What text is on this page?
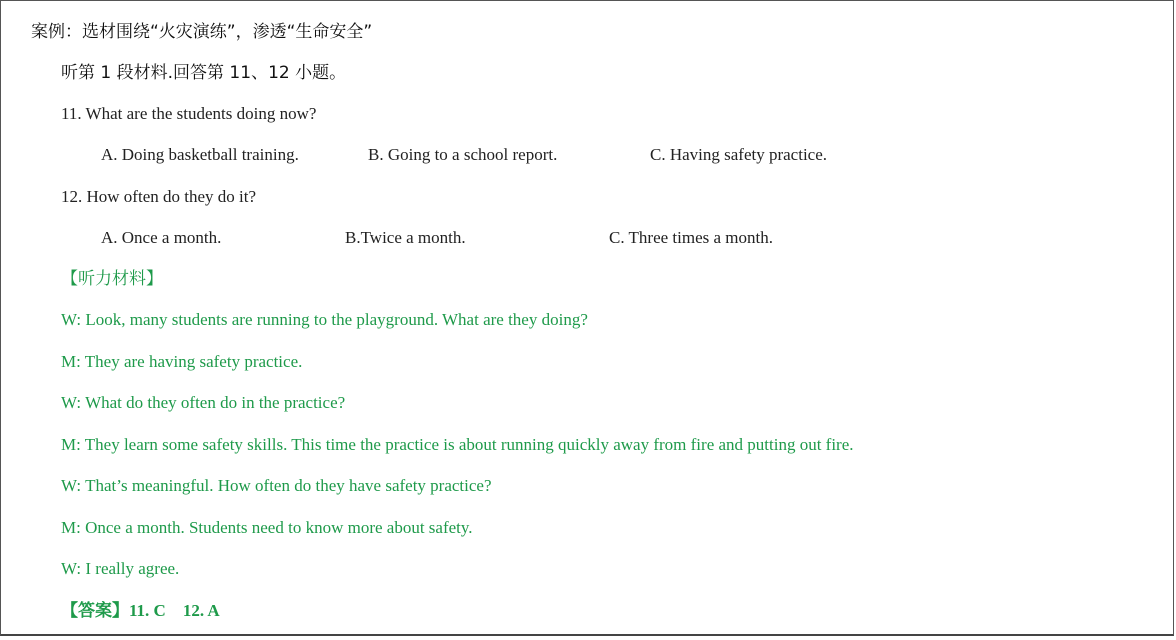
案例：选材围绕“火灾演练”，渗透“生命安全”
听第 1 段材料.回答第 11、12 小题。
11. What are the students doing now?
A. Doing basketball training.	B. Going to a school report.	C. Having safety practice.
12. How often do they do it?
A. Once a month.	B.Twice a month.	C. Three times a month.
【听力材料】
W: Look, many students are running to the playground. What are they doing?
M: They are having safety practice.
W: What do they often do in the practice?
M: They learn some safety skills. This time the practice is about running quickly away from fire and putting out fire.
W: That’s meaningful. How often do they have safety practice?
M: Once a month. Students need to know more about safety.
W: I really agree.
【答案】11. C    12. A
